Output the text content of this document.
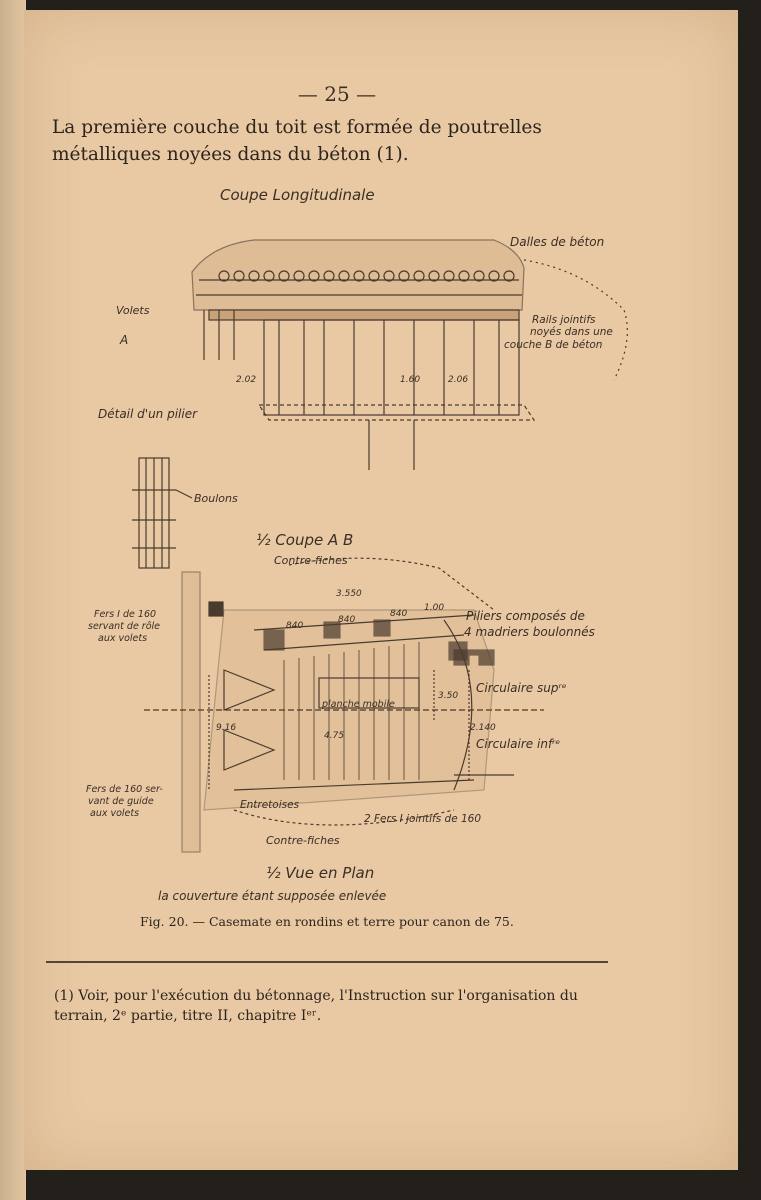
— 25 —
La première couche du toit est formée de poutrelles métalliques noyées dans du béton (1).
Coupe Longitudinale
Dalles de béton
Volets
A
Rails jointifs
noyés dans une
couche B de béton
2.02	1.60	2.06
Détail d'un pilier
Boulons
½ Coupe A B
Contre-fiches
3.550
840
840
840
1.00
Fers I de 160
servant de rôle
aux volets
Piliers composés de
4 madriers boulonnés
Circulaire supʳᵉ
Circulaire infʳᵉ
planche mobile
9.16
3.50
2.140
4.75
Fers de 160 ser-
vant de guide
aux volets
Entretoises
2 Fers I jointifs de 160
Contre-fiches
½ Vue en Plan
la couverture étant supposée enlevée
Fig. 20. — Casemate en rondins et terre pour canon de 75.
(1) Voir, pour l'exécution du bétonnage, l'Instruction sur l'organisation du terrain, 2ᵉ partie, titre II, chapitre Iᵉʳ.
